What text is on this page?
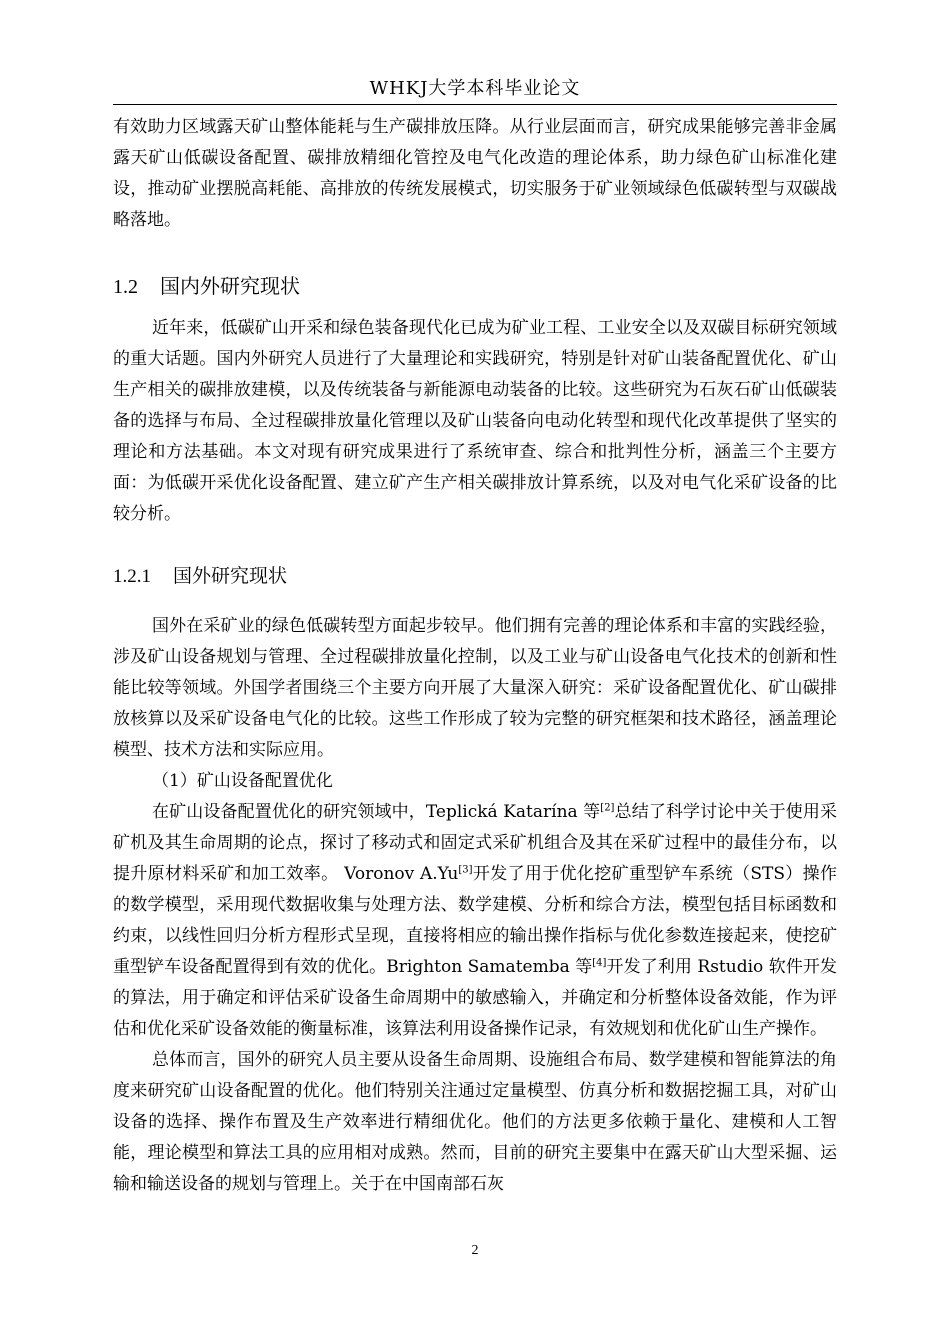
WHKJ大学本科毕业论文

有效助力区域露天矿山整体能耗与生产碳排放压降。从行业层面而言，研究成果能够完善非金属露天矿山低碳设备配置、碳排放精细化管控及电气化改造的理论体系，助力绿色矿山标准化建设，推动矿业摆脱高耗能、高排放的传统发展模式，切实服务于矿业领域绿色低碳转型与双碳战略落地。

1.2 国内外研究现状

近年来，低碳矿山开采和绿色装备现代化已成为矿业工程、工业安全以及双碳目标研究领域的重大话题。国内外研究人员进行了大量理论和实践研究，特别是针对矿山装备配置优化、矿山生产相关的碳排放建模，以及传统装备与新能源电动装备的比较。这些研究为石灰石矿山低碳装备的选择与布局、全过程碳排放量化管理以及矿山装备向电动化转型和现代化改革提供了坚实的理论和方法基础。本文对现有研究成果进行了系统审查、综合和批判性分析，涵盖三个主要方面：为低碳开采优化设备配置、建立矿产生产相关碳排放计算系统，以及对电气化采矿设备的比较分析。

1.2.1 国外研究现状

国外在采矿业的绿色低碳转型方面起步较早。他们拥有完善的理论体系和丰富的实践经验，涉及矿山设备规划与管理、全过程碳排放量化控制，以及工业与矿山设备电气化技术的创新和性能比较等领域。外国学者围绕三个主要方向开展了大量深入研究：采矿设备配置优化、矿山碳排放核算以及采矿设备电气化的比较。这些工作形成了较为完整的研究框架和技术路径，涵盖理论模型、技术方法和实际应用。

（1）矿山设备配置优化

在矿山设备配置优化的研究领域中，Teplická Katarína 等[2]总结了科学讨论中关于使用采矿机及其生命周期的论点，探讨了移动式和固定式采矿机组合及其在采矿过程中的最佳分布，以提升原材料采矿和加工效率。 Voronov A.Yu[3]开发了用于优化挖矿重型铲车系统（STS）操作的数学模型，采用现代数据收集与处理方法、数学建模、分析和综合方法，模型包括目标函数和约束，以线性回归分析方程形式呈现，直接将相应的输出操作指标与优化参数连接起来，使挖矿重型铲车设备配置得到有效的优化。Brighton Samatemba 等[4]开发了利用 Rstudio 软件开发的算法，用于确定和评估采矿设备生命周期中的敏感输入，并确定和分析整体设备效能，作为评估和优化采矿设备效能的衡量标准，该算法利用设备操作记录，有效规划和优化矿山生产操作。

总体而言，国外的研究人员主要从设备生命周期、设施组合布局、数学建模和智能算法的角度来研究矿山设备配置的优化。他们特别关注通过定量模型、仿真分析和数据挖掘工具，对矿山设备的选择、操作布置及生产效率进行精细优化。他们的方法更多依赖于量化、建模和人工智能，理论模型和算法工具的应用相对成熟。然而，目前的研究主要集中在露天矿山大型采掘、运输和输送设备的规划与管理上。关于在中国南部石灰

2
